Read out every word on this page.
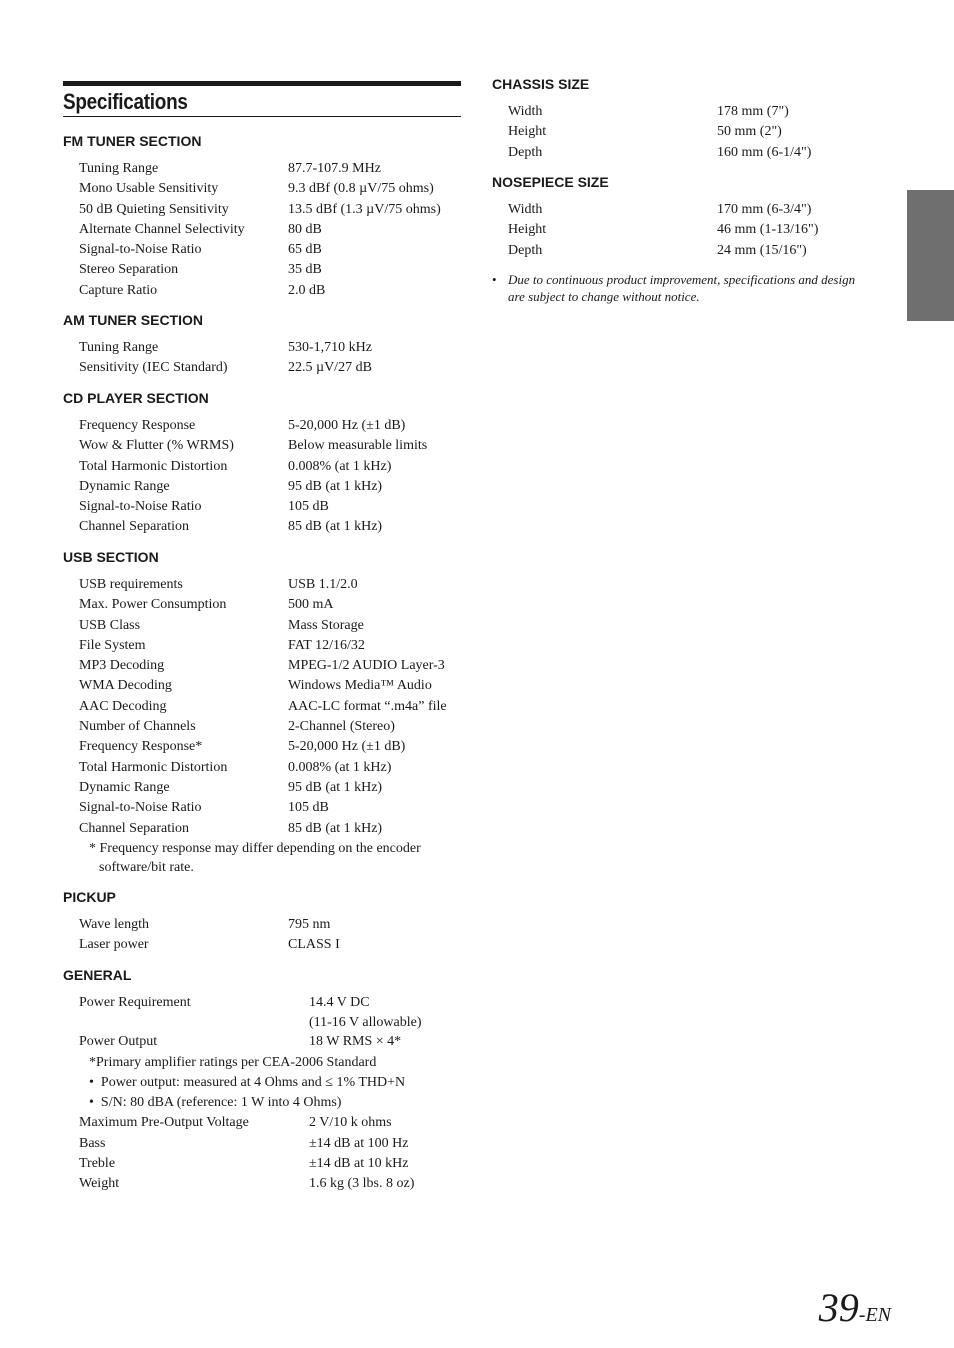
Specifications
FM TUNER SECTION
Tuning Range	87.7-107.9 MHz
Mono Usable Sensitivity	9.3 dBf (0.8 µV/75 ohms)
50 dB Quieting Sensitivity	13.5 dBf (1.3 µV/75 ohms)
Alternate Channel Selectivity	80 dB
Signal-to-Noise Ratio	65 dB
Stereo Separation	35 dB
Capture Ratio	2.0 dB
AM TUNER SECTION
Tuning Range	530-1,710 kHz
Sensitivity (IEC Standard)	22.5 µV/27 dB
CD PLAYER SECTION
Frequency Response	5-20,000 Hz (±1 dB)
Wow & Flutter (% WRMS)	Below measurable limits
Total Harmonic Distortion	0.008% (at 1 kHz)
Dynamic Range	95 dB (at 1 kHz)
Signal-to-Noise Ratio	105 dB
Channel Separation	85 dB (at 1 kHz)
USB SECTION
USB requirements	USB 1.1/2.0
Max. Power Consumption	500 mA
USB Class	Mass Storage
File System	FAT 12/16/32
MP3 Decoding	MPEG-1/2 AUDIO Layer-3
WMA Decoding	Windows Media™ Audio
AAC Decoding	AAC-LC format “.m4a” file
Number of Channels	2-Channel (Stereo)
Frequency Response*	5-20,000 Hz (±1 dB)
Total Harmonic Distortion	0.008% (at 1 kHz)
Dynamic Range	95 dB (at 1 kHz)
Signal-to-Noise Ratio	105 dB
Channel Separation	85 dB (at 1 kHz)
* Frequency response may differ depending on the encoder
software/bit rate.
PICKUP
Wave length	795 nm
Laser power	CLASS I
GENERAL
Power Requirement	14.4 V DC
(11-16 V allowable)
Power Output	18 W RMS × 4*
*Primary amplifier ratings per CEA-2006 Standard
• Power output: measured at 4 Ohms and ≤ 1% THD+N
• S/N: 80 dBA (reference: 1 W into 4 Ohms)
Maximum Pre-Output Voltage	2 V/10 k ohms
Bass	±14 dB at 100 Hz
Treble	±14 dB at 10 kHz
Weight	1.6 kg (3 lbs. 8 oz)
CHASSIS SIZE
Width	178 mm (7")
Height	50 mm (2")
Depth	160 mm (6-1/4")
NOSEPIECE SIZE
Width	170 mm (6-3/4")
Height	46 mm (1-13/16")
Depth	24 mm (15/16")
• Due to continuous product improvement, specifications and design
are subject to change without notice.
39-EN
